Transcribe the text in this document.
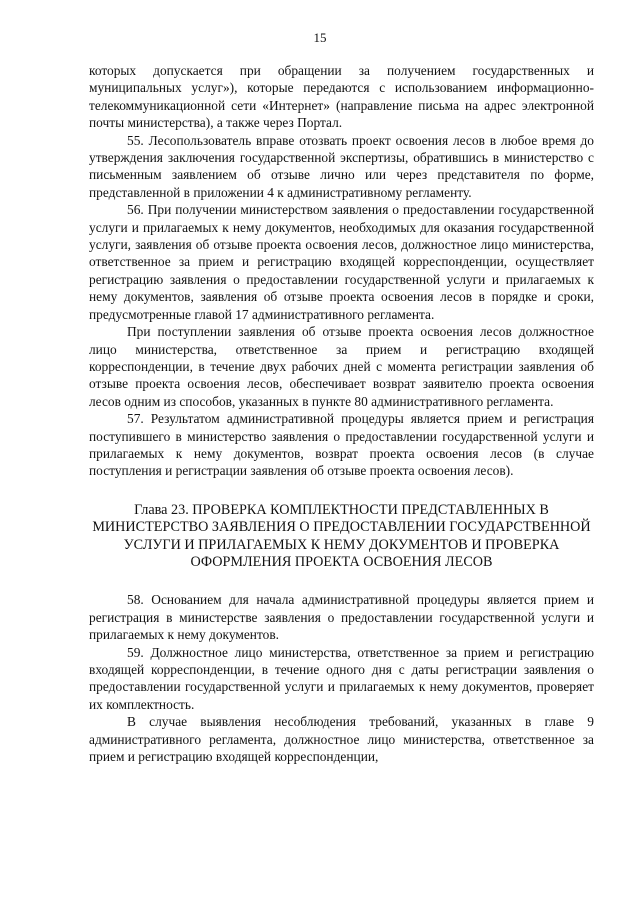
15

которых допускается при обращении за получением государственных и муниципальных услуг»), которые передаются с использованием информационно-телекоммуникационной сети «Интернет» (направление письма на адрес электронной почты министерства), а также через Портал.

55. Лесопользователь вправе отозвать проект освоения лесов в любое время до утверждения заключения государственной экспертизы, обратившись в министерство с письменным заявлением об отзыве лично или через представителя по форме, представленной в приложении 4 к административному регламенту.

56. При получении министерством заявления о предоставлении государственной услуги и прилагаемых к нему документов, необходимых для оказания государственной услуги, заявления об отзыве проекта освоения лесов, должностное лицо министерства, ответственное за прием и регистрацию входящей корреспонденции, осуществляет регистрацию заявления о предоставлении государственной услуги и прилагаемых к нему документов, заявления об отзыве проекта освоения лесов в порядке и сроки, предусмотренные главой 17 административного регламента.

При поступлении заявления об отзыве проекта освоения лесов должностное лицо министерства, ответственное за прием и регистрацию входящей корреспонденции, в течение двух рабочих дней с момента регистрации заявления об отзыве проекта освоения лесов, обеспечивает возврат заявителю проекта освоения лесов одним из способов, указанных в пункте 80 административного регламента.

57. Результатом административной процедуры является прием и регистрация поступившего в министерство заявления о предоставлении государственной услуги и прилагаемых к нему документов, возврат проекта освоения лесов (в случае поступления и регистрации заявления об отзыве проекта освоения лесов).

Глава 23. ПРОВЕРКА КОМПЛЕКТНОСТИ ПРЕДСТАВЛЕННЫХ В МИНИСТЕРСТВО ЗАЯВЛЕНИЯ О ПРЕДОСТАВЛЕНИИ ГОСУДАРСТВЕННОЙ УСЛУГИ И ПРИЛАГАЕМЫХ К НЕМУ ДОКУМЕНТОВ И ПРОВЕРКА ОФОРМЛЕНИЯ ПРОЕКТА ОСВОЕНИЯ ЛЕСОВ

58. Основанием для начала административной процедуры является прием и регистрация в министерстве заявления о предоставлении государственной услуги и прилагаемых к нему документов.

59. Должностное лицо министерства, ответственное за прием и регистрацию входящей корреспонденции, в течение одного дня с даты регистрации заявления о предоставлении государственной услуги и прилагаемых к нему документов, проверяет их комплектность.

В случае выявления несоблюдения требований, указанных в главе 9 административного регламента, должностное лицо министерства, ответственное за прием и регистрацию входящей корреспонденции,
